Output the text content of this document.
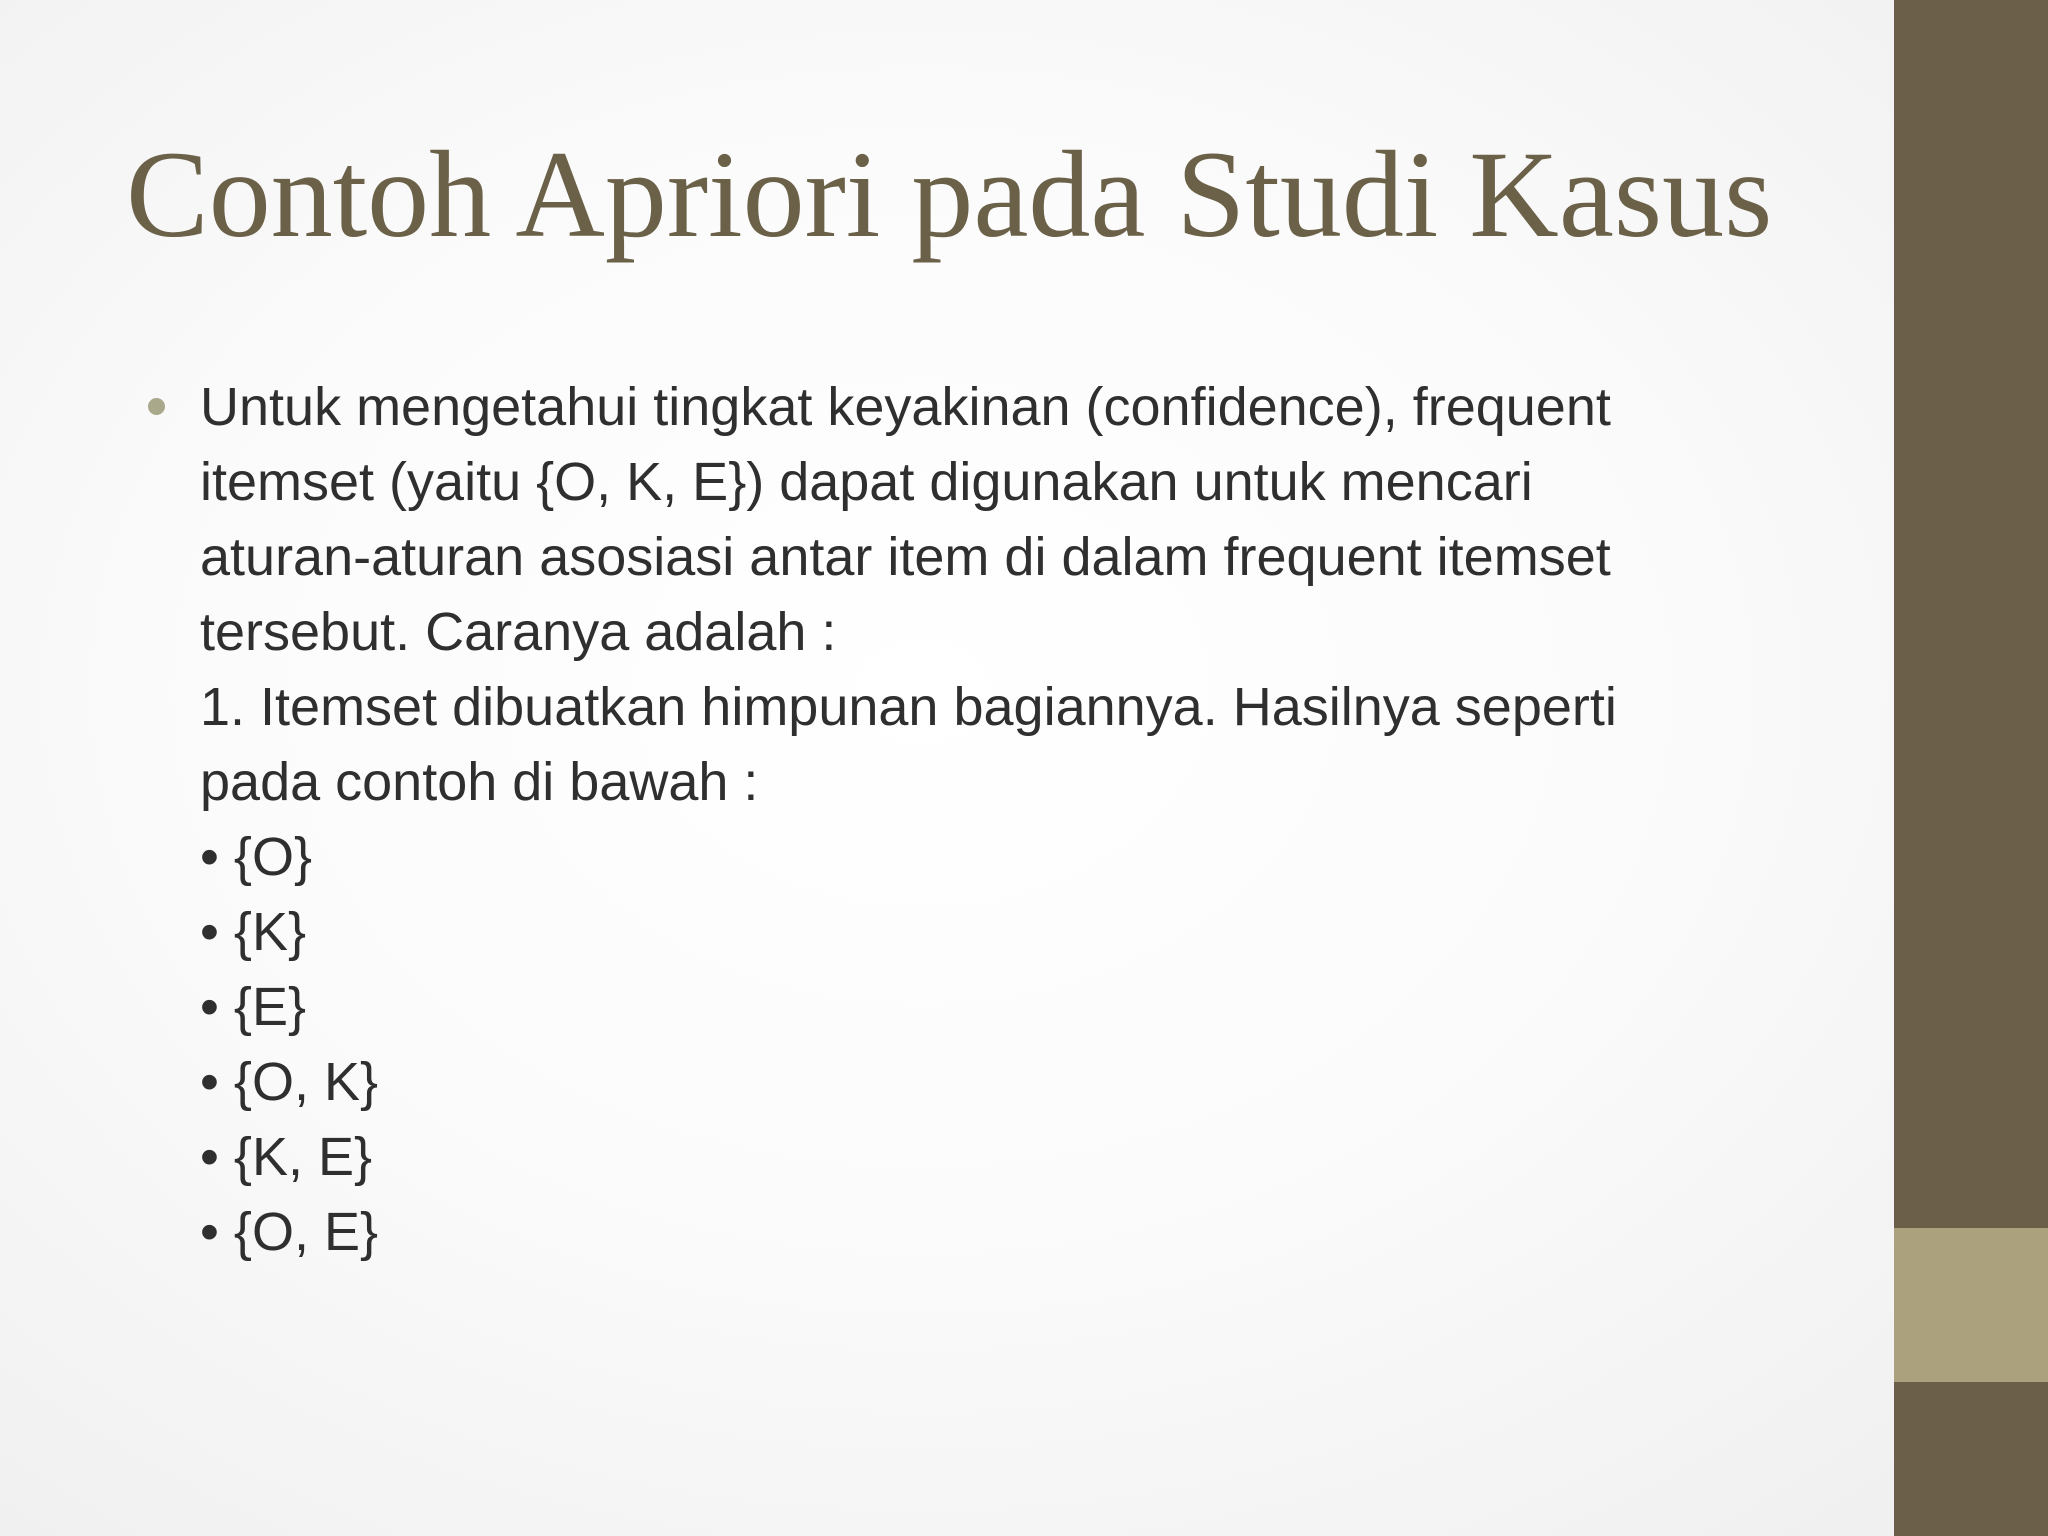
Contoh Apriori pada Studi Kasus
Untuk mengetahui tingkat keyakinan (confidence), frequent
itemset (yaitu {O, K, E}) dapat digunakan untuk mencari
aturan-aturan asosiasi antar item di dalam frequent itemset
tersebut. Caranya adalah :
1. Itemset dibuatkan himpunan bagiannya. Hasilnya seperti
pada contoh di bawah :
• {O}
• {K}
• {E}
• {O, K}
• {K, E}
• {O, E}
